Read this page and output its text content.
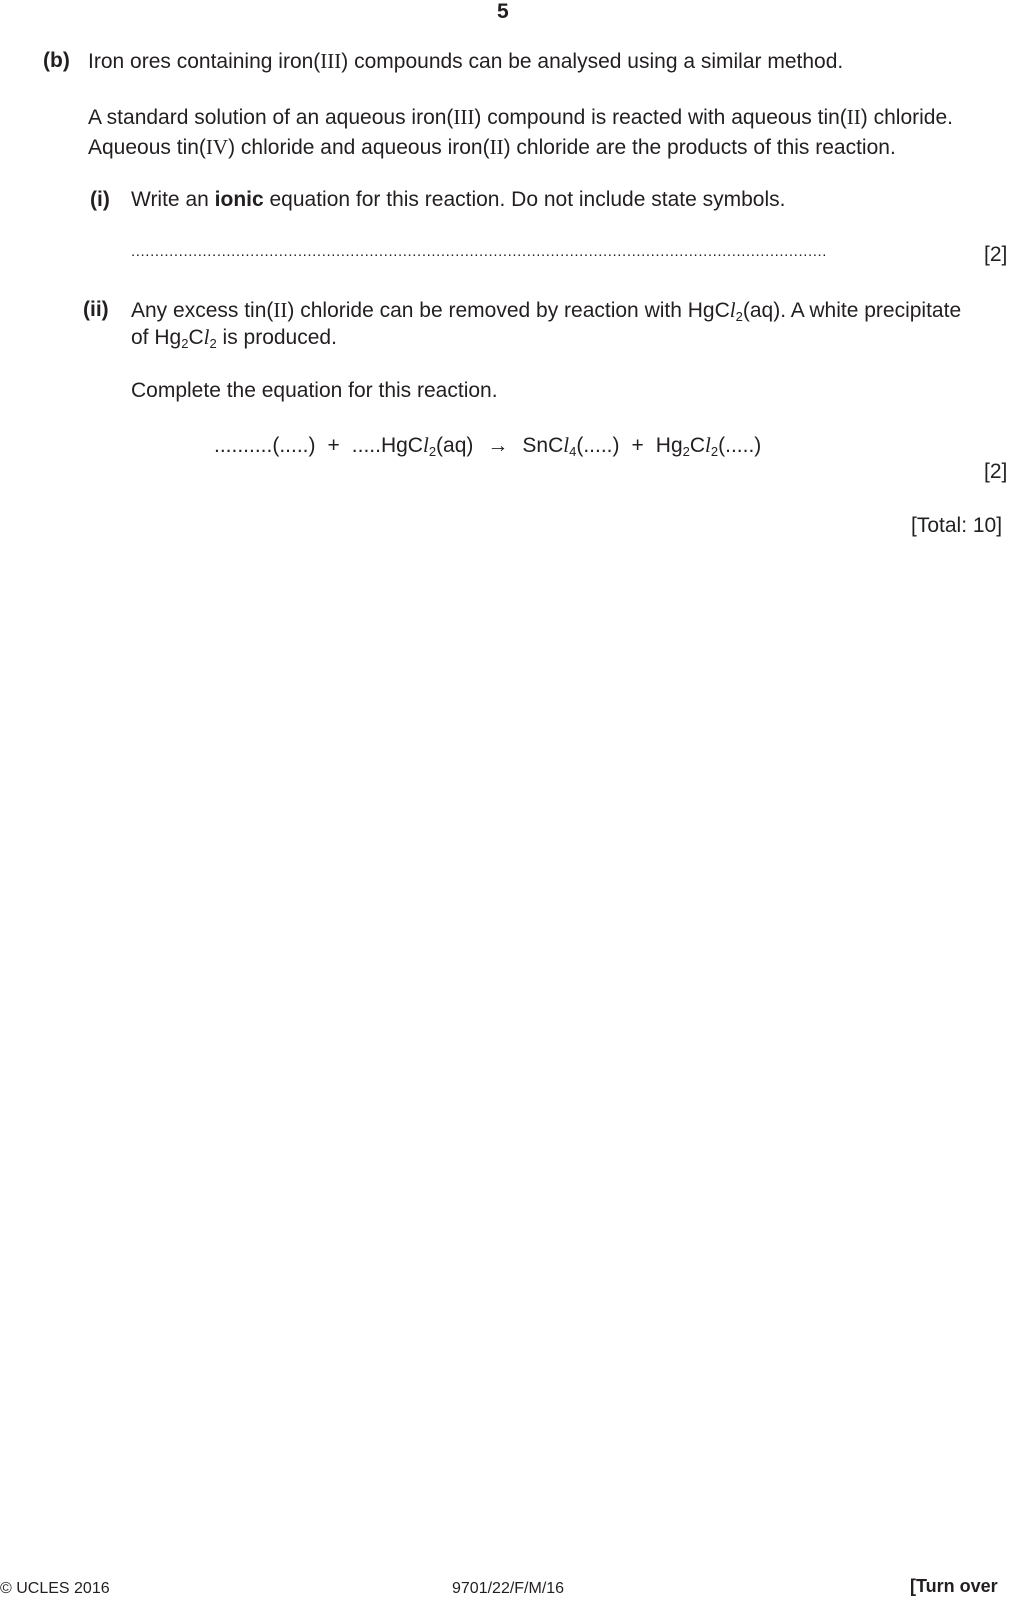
5
(b) Iron ores containing iron(III) compounds can be analysed using a similar method.
A standard solution of an aqueous iron(III) compound is reacted with aqueous tin(II) chloride.
Aqueous tin(IV) chloride and aqueous iron(II) chloride are the products of this reaction.
(i) Write an ionic equation for this reaction. Do not include state symbols.
..................................................................................................................................................	[2]
(ii) Any excess tin(II) chloride can be removed by reaction with HgCl$_2$(aq). A white precipitate
of $Hg_2Cl_2$ is produced.
Complete the equation for this reaction.
..........(.....) + .....HgCl$_2$(aq) → SnCl$_4$(.....) + $Hg_2Cl_2(.....)$
[2]
[Total: 10]
© UCLES 2016	9701/22/F/M/16	[Turn over
